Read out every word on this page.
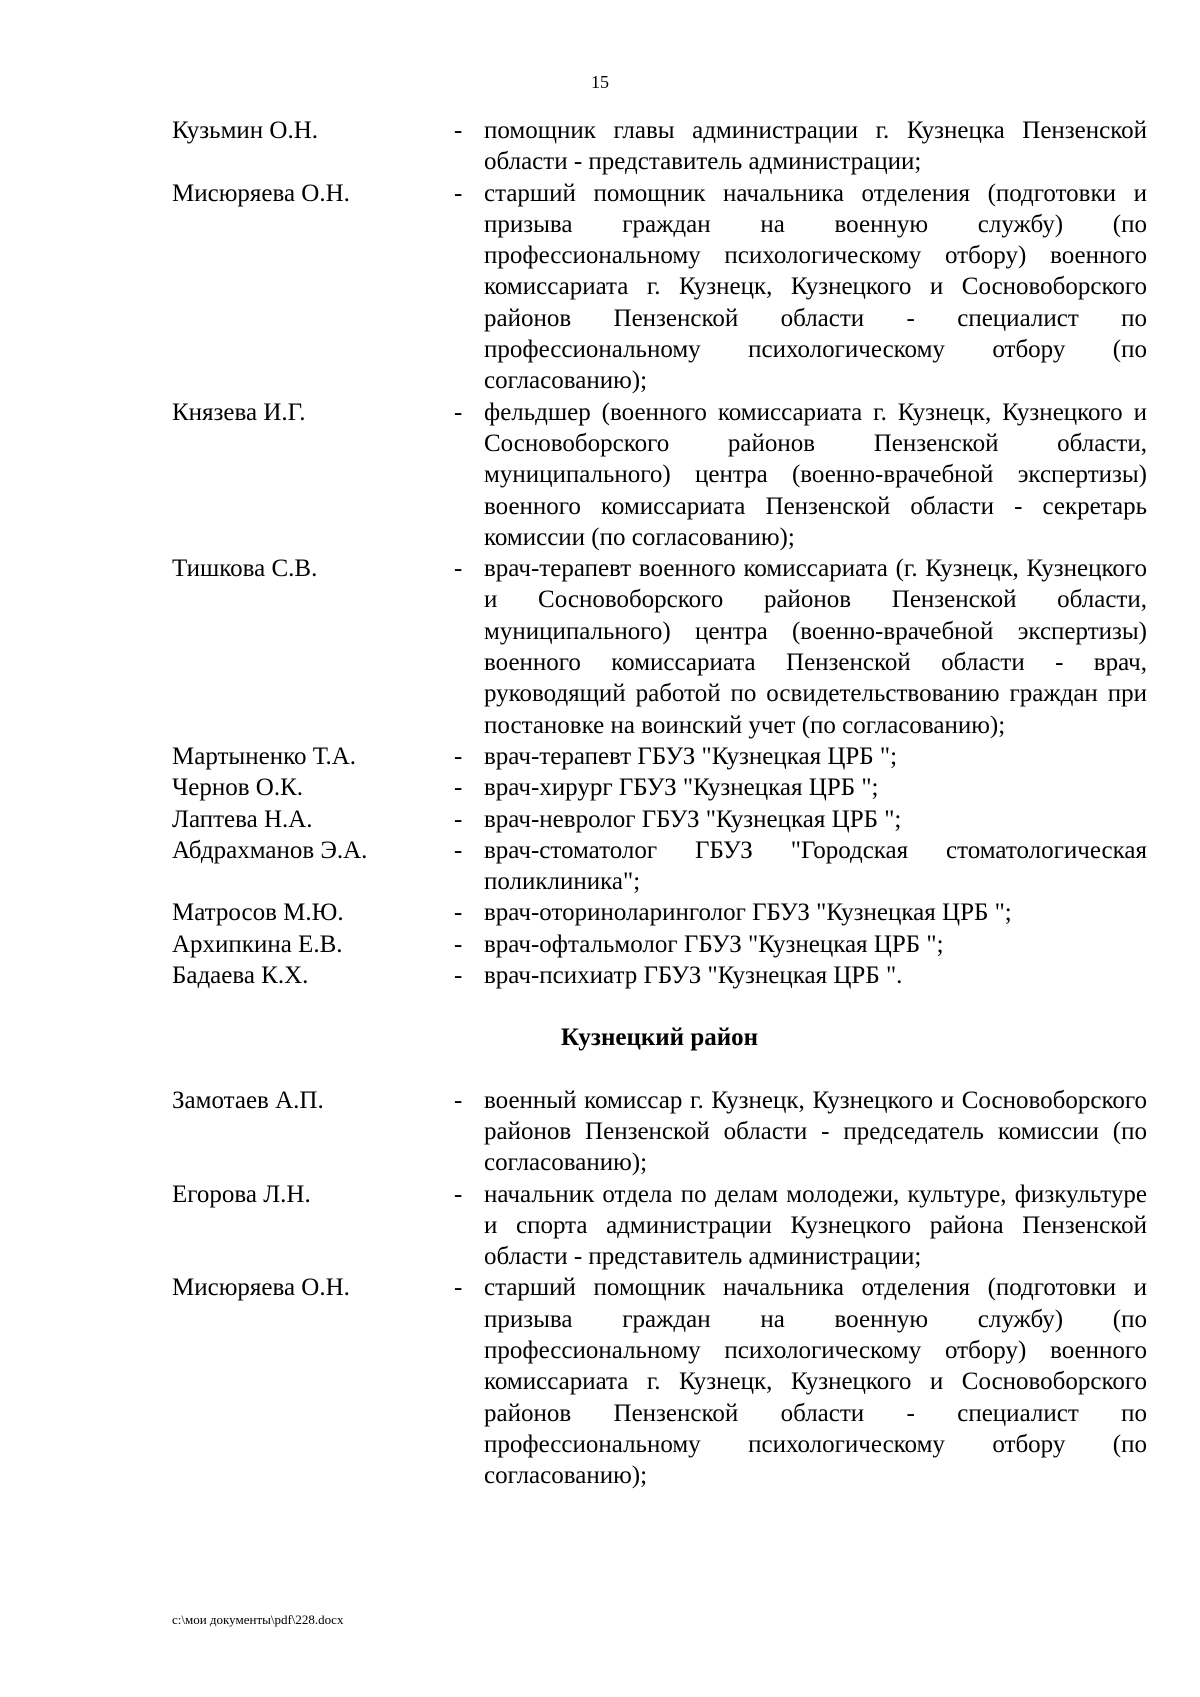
15
Кузьмин О.Н.	- помощник главы администрации г. Кузнецка Пензенской области - представитель администрации;
Мисюряева О.Н.	- старший помощник начальника отделения (подготовки и призыва граждан на военную службу) (по профессиональному психологическому отбору) военного комиссариата г. Кузнецк, Кузнецкого и Сосновоборского районов Пензенской области - специалист по профессиональному психологическому отбору (по согласованию);
Князева И.Г.	- фельдшер (военного комиссариата г. Кузнецк, Кузнецкого и Сосновоборского районов Пензенской области, муниципального) центра (военно-врачебной экспертизы) военного комиссариата Пензенской области - секретарь комиссии (по согласованию);
Тишкова С.В.	- врач-терапевт военного комиссариата (г. Кузнецк, Кузнецкого и Сосновоборского районов Пензенской области, муниципального) центра (военно-врачебной экспертизы) военного комиссариата Пензенской области - врач, руководящий работой по освидетельствованию граждан при постановке на воинский учет (по согласованию);
Мартыненко Т.А.	- врач-терапевт ГБУЗ "Кузнецкая ЦРБ ";
Чернов О.К.	- врач-хирург ГБУЗ "Кузнецкая ЦРБ ";
Лаптева Н.А.	- врач-невролог ГБУЗ "Кузнецкая ЦРБ ";
Абдрахманов Э.А.	- врач-стоматолог ГБУЗ "Городская стоматологическая поликлиника";
Матросов М.Ю.	- врач-оториноларинголог ГБУЗ "Кузнецкая ЦРБ ";
Архипкина Е.В.	- врач-офтальмолог ГБУЗ "Кузнецкая ЦРБ ";
Бадаева К.Х.	- врач-психиатр ГБУЗ "Кузнецкая ЦРБ ".
Кузнецкий район
Замотаев А.П.	- военный комиссар г. Кузнецк, Кузнецкого и Сосновоборского районов Пензенской области - председатель комиссии (по согласованию);
Егорова Л.Н.	- начальник отдела по делам молодежи, культуре, физкультуре и спорта администрации Кузнецкого района Пензенской области - представитель администрации;
Мисюряева О.Н.	- старший помощник начальника отделения (подготовки и призыва граждан на военную службу) (по профессиональному психологическому отбору) военного комиссариата г. Кузнецк, Кузнецкого и Сосновоборского районов Пензенской области - специалист по профессиональному психологическому отбору (по согласованию);
c:\мои документы\pdf\228.docx
